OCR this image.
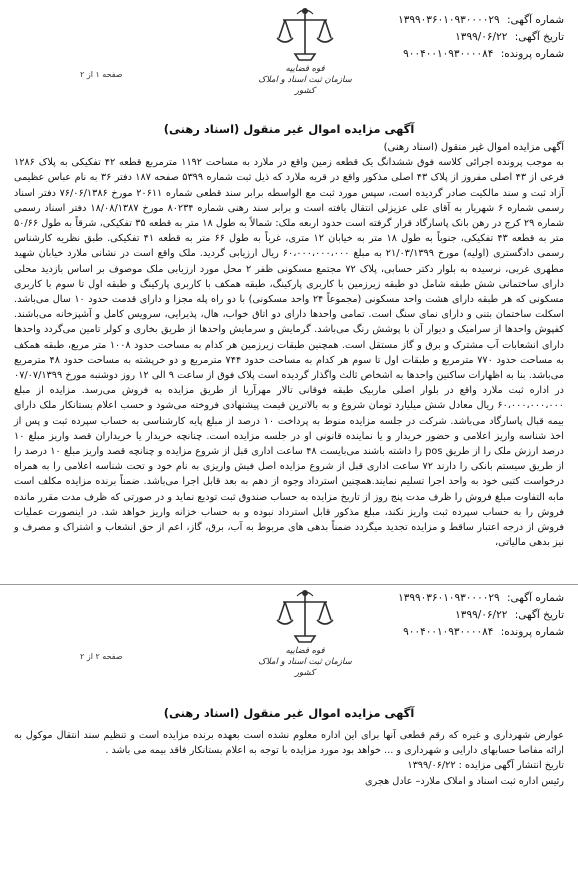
شماره آگهی: ۱۳۹۹۰۳۶۰۱۰۹۳۰۰۰۰۲۹
تاریخ آگهی: ۱۳۹۹/۰۶/۲۲
شماره پرونده: ۹۰۰۴۰۰۱۰۹۳۰۰۰۰۸۴
قوه قضاییه
سازمان ثبت اسناد و املاک کشور
صفحه ۱ از ۲
آگهی مزایده اموال غیر منقول (اسناد رهنی)

آگهی مزایده اموال غیر منقول (اسناد رهنی)

به موجب پرونده اجرائی کلاسه فوق ششدانگ یک قطعه زمین واقع در ملارد به مساحت ۱۱۹۲ مترمربع قطعه ۴۲ تفکیکی به پلاک ۱۲۸۶ فرعی از ۴۳ اصلی مفروز از پلاک ۴۳ اصلی مذکور واقع در قریه ملارد که ذیل ثبت شماره ۵۳۹۹ صفحه ۱۸۷ دفتر ۳۶ به نام عباس عظیمی آزاد ثبت و سند مالکیت صادر گردیده است، سپس مورد ثبت مع الواسطه برابر سند قطعی شماره ۲۰۶۱۱ مورخ ۷۶/۰۶/۱۳۸۶ دفتر اسناد رسمی شماره ۶ شهریار به آقای علی عزیزلی انتقال یافته است و برابر سند رهنی شماره ۸۰۲۳۴ مورخ ۱۸/۰۸/۱۳۸۷ دفتر اسناد رسمی شماره ۲۹ کرج در رهن بانک پاسارگاد قرار گرفته است حدود اربعه ملک: شمالاً به طول ۱۸ متر به قطعه ۳۵ تفکیکی، شرقاً به طول ۵۰/۶۶ متر به قطعه ۴۳ تفکیکی، جنوباً به طول ۱۸ متر به خیابان ۱۲ متری، غرباً به طول ۶۶ متر به قطعه ۴۱ تفکیکی. طبق نظریه کارشناس رسمی دادگستری (اولیه) مورخ ۲۱/۰۳/۱۳۹۹ به مبلغ ۶۰،۰۰۰،۰۰۰،۰۰۰ ریال ارزیابی گردید. ملک واقع است در نشانی ملارد خیابان شهید مطهری غربی، نرسیده به بلوار دکتر حسابی، پلاک ۷۲ مجتمع مسکونی ظفر ۲ محل مورد ارزیابی ملک موصوف بر اساس بازدید محلی دارای ساختمانی شش طبقه شامل دو طبقه زیرزمین با کاربری پارکینگ، طبقه همکف با کاربری پارکینگ و طبقه اول تا سوم با کاربری مسکونی که هر طبقه دارای هشت واحد مسکونی (مجموعاً ۲۴ واحد مسکونی) با دو راه پله مجزا و دارای قدمت حدود ۱۰ سال می‌باشد. اسکلت ساختمان بتنی و دارای نمای سنگ است. تمامی واحدها دارای دو اتاق خواب، هال، پذیرایی، سرویس کامل و آشپزخانه می‌باشند. کفپوش واحدها از سرامیک و دیوار آن با پوشش رنگ می‌باشد. گرمایش و سرمایش واحدها از طریق بخاری و کولر تامین می‌گردد واحدها دارای انشعابات آب مشترک و برق و گاز مستقل است. همچنین طبقات زیرزمین هر کدام به مساحت حدود ۱۰۰۸ متر مربع، طبقه همکف به مساحت حدود ۷۷۰ مترمربع و طبقات اول تا سوم هر کدام به مساحت حدود ۷۴۴ مترمربع و دو خرپشته به مساحت حدود ۴۸ مترمربع می‌باشد. بنا به اظهارات ساکنین واحدها به اشخاص ثالث واگذار گردیده است پلاک فوق از ساعت ۹ الی ۱۲ روز دوشنبه مورخ ۰۷/۰۷/۱۳۹۹ در اداره ثبت ملارد واقع در بلوار اصلی ماربیک طبقه فوقانی تالار مهرآریا از طریق مزایده به فروش می‌رسد. مزایده از مبلغ ۶۰،۰۰۰،۰۰۰،۰۰۰ ریال معادل شش میلیارد تومان شروع و به بالاترین قیمت پیشنهادی فروخته می‌شود و حسب اعلام بستانکار ملک دارای بیمه قبال پاسارگاد می‌باشد. شرکت در جلسه مزایده منوط به پرداخت ۱۰ درصد از مبلغ پایه کارشناسی به حساب سپرده ثبت و پس از اخذ شناسه واریز اعلامی و حضور خریدار و یا نماینده قانونی او در جلسه مزایده است. چنانچه خریدار یا خریداران قصد واریز مبلغ ۱۰ درصد ارزش ملک را از طریق pos را داشته باشند می‌بایست ۴۸ ساعت اداری قبل از شروع مزایده و چنانچه قصد واریز مبلغ ۱۰ درصد را از طریق سیستم بانکی را دارند ۷۲ ساعت اداری قبل از شروع مزایده اصل فیش واریزی به نام خود و تحت شناسه اعلامی را به همراه درخواست کتبی خود به واحد اجرا تسلیم نمایند.همچنین استرداد وجوه از دهم به بعد قابل اجرا می‌باشد. ضمناً برنده مزایده مکلف است مابه التفاوت مبلغ فروش را ظرف مدت پنج روز از تاریخ مزایده به حساب صندوق ثبت تودیع نماید و در صورتی که ظرف مدت مقرر مانده فروش را به حساب سپرده ثبت واریز نکند، مبلغ مذکور قابل استرداد نبوده و به حساب خزانه واریز خواهد شد. در اینصورت عملیات فروش از درجه اعتبار ساقط و مزایده تجدید میگردد ضمناً بدهی های مربوط به آب، برق، گاز، اعم از حق انشعاب و اشتراک و مصرف و نیز بدهی مالیاتی،

شماره آگهی: ۱۳۹۹۰۳۶۰۱۰۹۳۰۰۰۰۲۹
تاریخ آگهی: ۱۳۹۹/۰۶/۲۲
شماره پرونده: ۹۰۰۴۰۰۱۰۹۳۰۰۰۰۸۴
قوه قضاییه
سازمان ثبت اسناد و املاک کشور
صفحه ۲ از ۲
آگهی مزایده اموال غیر منقول (اسناد رهنی)

عوارض شهرداری و غیره که رقم قطعی آنها برای این اداره معلوم نشده است بعهده برنده مزایده است و تنظیم سند انتقال موکول به ارائه مفاصا حسابهای دارایی و شهرداری و ... خواهد بود مورد مزایده با توجه به اعلام بستانکار فاقد بیمه می باشد .

تاریخ انتشار آگهی مزایده : ۱۳۹۹/۰۶/۲۲

رئیس اداره ثبت اسناد و املاک ملارد– عادل هجری
